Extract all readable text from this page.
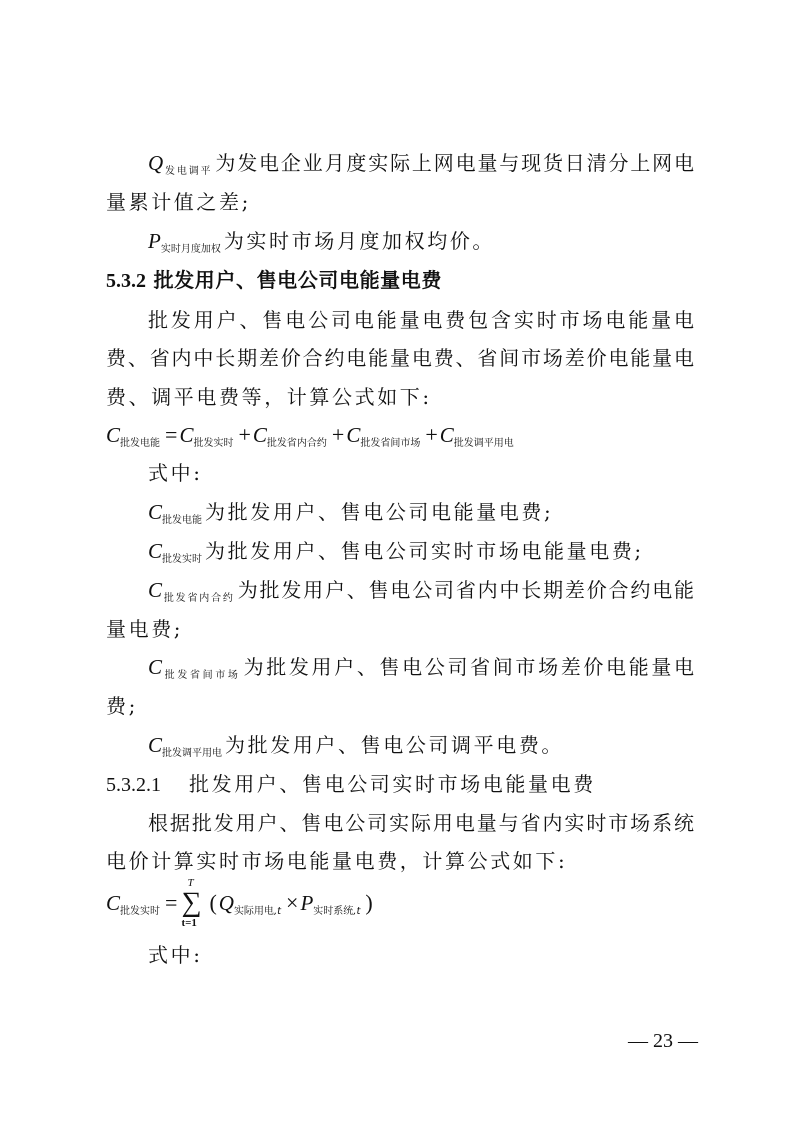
$Q_{发电调平}$ 为发电企业月度实际上网电量与现货日清分上网电
量累计值之差;
$P_{实时月度加权}$ 为实时市场月度加权均价。
5.3.2 批发用户、售电公司电能量电费
批发用户、售电公司电能量电费包含实时市场电能量电
费、省内中长期差价合约电能量电费、省间市场差价电能量电
费、调平电费等，计算公式如下:
$C_{批发电能} =C_{批发实时} +C_{批发省内合约} +C_{批发省间市场} +C_{批发调平用电}$
式中:
$C_{批发电能}$ 为批发用户、售电公司电能量电费;
$C_{批发实时}$ 为批发用户、售电公司实时市场电能量电费;
$C_{批发省内合约}$ 为批发用户、售电公司省内中长期差价合约电能
量电费;
$C_{批发省间市场}$ 为批发用户、售电公司省间市场差价电能量电
费;
$C_{批发调平用电}$ 为批发用户、售电公司调平电费。
5.3.2.1 批发用户、售电公司实时市场电能量电费
根据批发用户、售电公司实际用电量与省内实时市场系统
电价计算实时市场电能量电费，计算公式如下:
$C_{批发实时}$ =
T
∑
t=1
($Q_{实际用电,t} \times P_{实时系统,t}$ )
式中:
— 23 —
